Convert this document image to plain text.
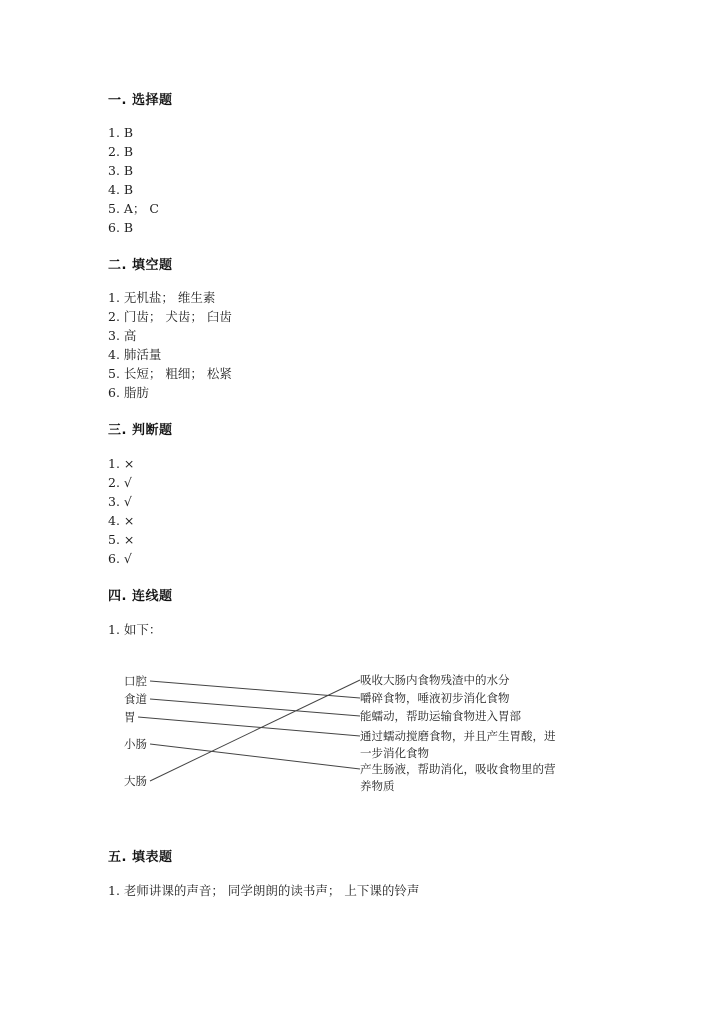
一. 选择题
1. B
2. B
3. B
4. B
5. A； C
6. B
二. 填空题
1. 无机盐； 维生素
2. 门齿； 犬齿； 臼齿
3. 高
4. 肺活量
5. 长短； 粗细； 松紧
6. 脂肪
三. 判断题
1. ×
2. √
3. √
4. ×
5. ×
6. √
四. 连线题
1. 如下：
口腔
食道
胃
小肠
大肠
吸收大肠内食物残渣中的水分
嚼碎食物，唾液初步消化食物
能蠕动，帮助运输食物进入胃部
通过蠕动搅磨食物，并且产生胃酸，进
一步消化食物
产生肠液，帮助消化，吸收食物里的营
养物质
五. 填表题
1. 老师讲课的声音； 同学朗朗的读书声； 上下课的铃声
